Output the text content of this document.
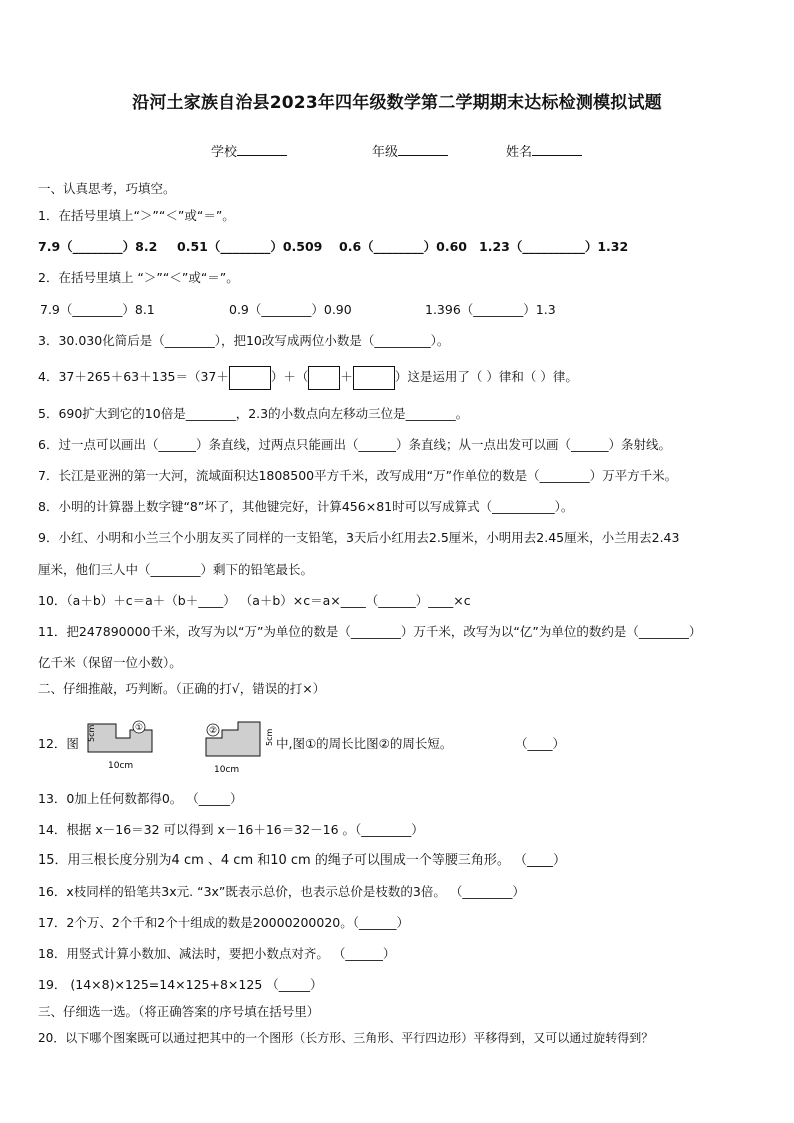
沿河土家族自治县2023年四年级数学第二学期期末达标检测模拟试题
学校	年级	姓名
一、认真思考，巧填空。
1．在括号里填上“＞”“＜”或“＝”。
7.9（________）8.2 0.51（________）0.509 0.6（________）0.60 1.23（__________）1.32
2．在括号里填上 “＞”“＜”或“＝”。
7.9（________）8.1	0.9（________）0.90	1.396（________）1.3
3．30.030化简后是（________），把10改写成两位小数是（_________）。
4．37＋265＋63＋135＝（37＋	）＋（	＋	）这是运用了（ ）律和（ ）律。
5．690扩大到它的10倍是________，2.3的小数点向左移动三位是________。
6．过一点可以画出（______）条直线，过两点只能画出（______）条直线；从一点出发可以画（______）条射线。
7．长江是亚洲的第一大河，流域面积达1808500平方千米，改写成用“万”作单位的数是（________）万平方千米。
8．小明的计算器上数字键“8”坏了，其他键完好，计算456×81时可以写成算式（__________）。
9．小红、小明和小兰三个小朋友买了同样的一支铅笔，3天后小红用去2.5厘米，小明用去2.45厘米，小兰用去2.43
厘米，他们三人中（________）剩下的铅笔最长。
10．（a＋b）＋c＝a＋（b＋____） （a＋b）×c＝a×____（______）____×c
11．把247890000千米，改写为以“万”为单位的数是（________）万千米，改写为以“亿”为单位的数约是（________）
亿千米（保留一位小数）。
二、仔细推敲，巧判断。（正确的打√，错误的打×）
12．图
①
5cm
10cm
②	5cm
10cm
中,图①的周长比图②的周长短。	（____）
13．0加上任何数都得0。 （_____）
14．根据 x－16＝32 可以得到 x－16＋16＝32－16 。（________）
15．用三根长度分别为4 cm 、4 cm 和10 cm 的绳子可以围成一个等腰三角形。 （____）
16．x枝同样的铅笔共3x元. “3x”既表示总价，也表示总价是枝数的3倍。 （________）
17．2个万、2个千和2个十组成的数是20000200020。（______）
18．用竖式计算小数加、减法时，要把小数点对齐。 （______）
19． (14×8)×125=14×125+8×125 （_____）
三、仔细选一选。（将正确答案的序号填在括号里）
20．以下哪个图案既可以通过把其中的一个图形（长方形、三角形、平行四边形）平移得到，又可以通过旋转得到？
